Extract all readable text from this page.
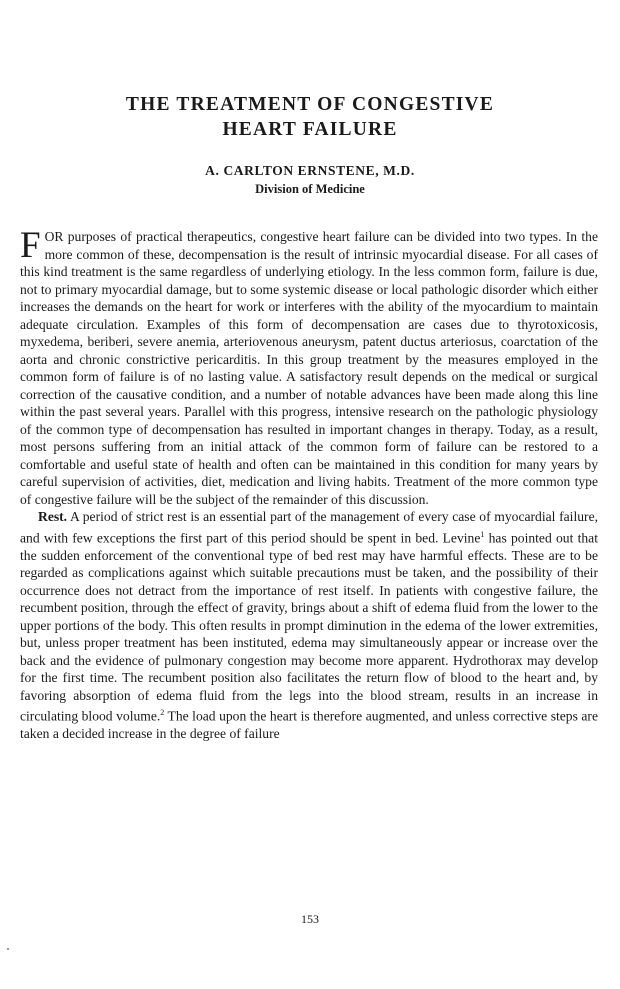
THE TREATMENT OF CONGESTIVE
HEART FAILURE
A. CARLTON ERNSTENE, M.D.
Division of Medicine

FOR purposes of practical therapeutics, congestive heart failure can be divided into two types. In the more common of these, decompensation is the result of intrinsic myocardial disease. For all cases of this kind treatment is the same regardless of underlying etiology. In the less common form, failure is due, not to primary myocardial damage, but to some systemic disease or local pathologic disorder which either increases the demands on the heart for work or interferes with the ability of the myocardium to maintain adequate circulation. Examples of this form of decompensation are cases due to thyrotoxicosis, myxedema, beriberi, severe anemia, arteriovenous aneurysm, patent ductus arteriosus, coarctation of the aorta and chronic constrictive pericarditis. In this group treatment by the measures employed in the common form of failure is of no lasting value. A satisfactory result depends on the medical or surgical correction of the causative condition, and a number of notable advances have been made along this line within the past several years. Parallel with this progress, intensive research on the pathologic physiology of the common type of decompensation has resulted in important changes in therapy. Today, as a result, most persons suffering from an initial attack of the common form of failure can be restored to a comfortable and useful state of health and often can be maintained in this condition for many years by careful supervision of activities, diet, medication and living habits. Treatment of the more common type of congestive failure will be the subject of the remainder of this discussion.

Rest. A period of strict rest is an essential part of the management of every case of myocardial failure, and with few exceptions the first part of this period should be spent in bed. Levine$^1$ has pointed out that the sudden enforcement of the conventional type of bed rest may have harmful effects. These are to be regarded as complications against which suitable precautions must be taken, and the possibility of their occurrence does not detract from the importance of rest itself. In patients with congestive failure, the recumbent position, through the effect of gravity, brings about a shift of edema fluid from the lower to the upper portions of the body. This often results in prompt diminution in the edema of the lower extremities, but, unless proper treatment has been instituted, edema may simultaneously appear or increase over the back and the evidence of pulmonary congestion may become more apparent. Hydrothorax may develop for the first time. The recumbent position also facilitates the return flow of blood to the heart and, by favoring absorption of edema fluid from the legs into the blood stream, results in an increase in circulating blood volume.$^2$ The load upon the heart is therefore augmented, and unless corrective steps are taken a decided increase in the degree of failure

153
